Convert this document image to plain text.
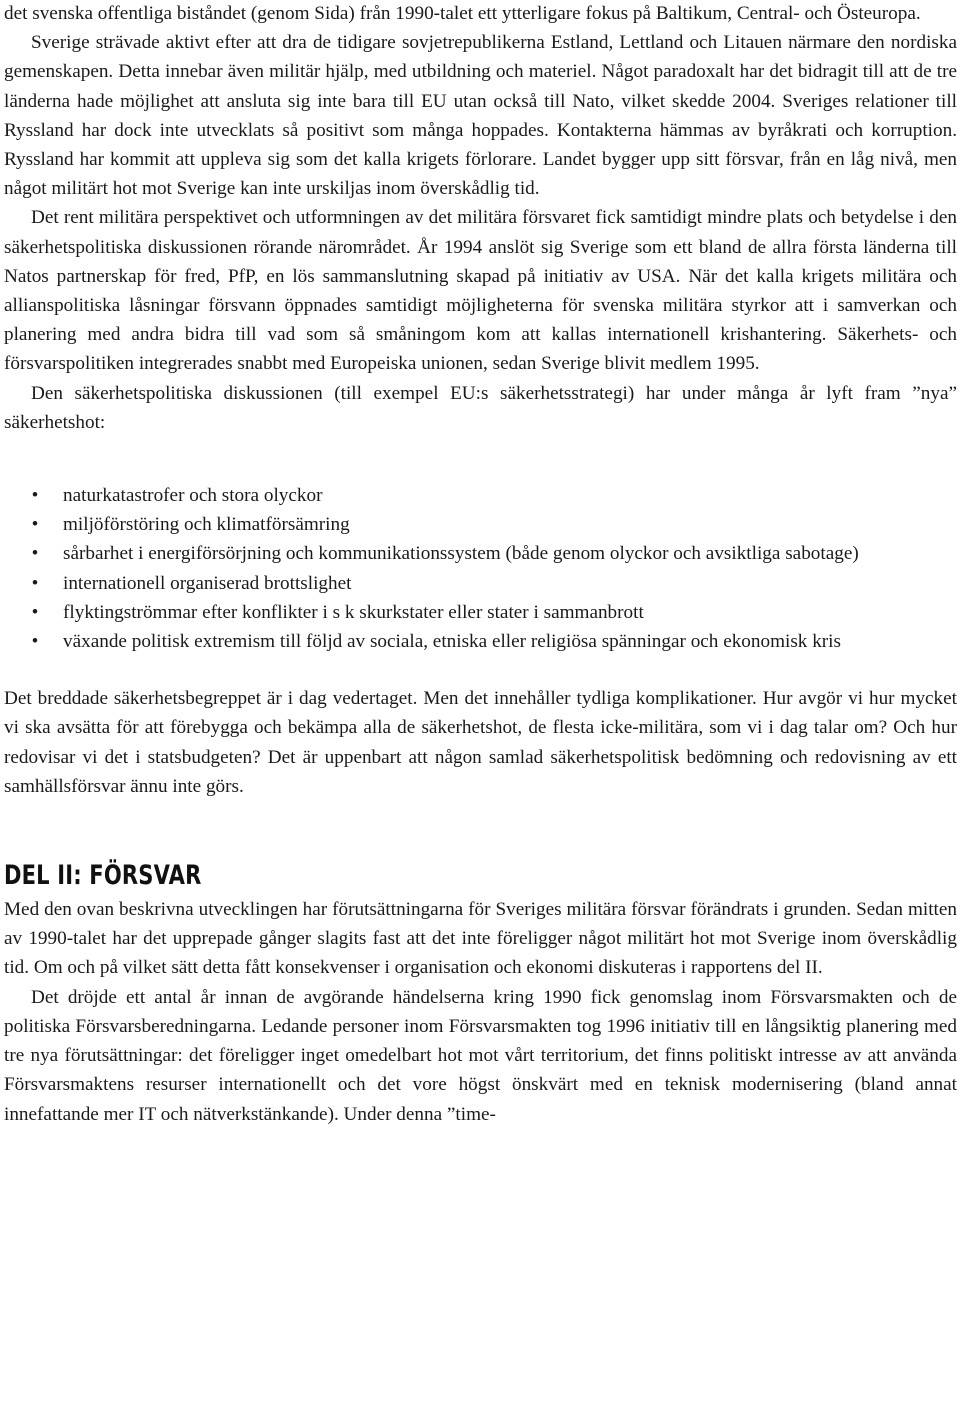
det svenska offentliga biståndet (genom Sida) från 1990-talet ett ytterligare fokus på Baltikum, Central- och Östeuropa.

Sverige strävade aktivt efter att dra de tidigare sovjetrepublikerna Estland, Lettland och Litauen närmare den nordiska gemenskapen. Detta innebar även militär hjälp, med utbildning och materiel. Något paradoxalt har det bidragit till att de tre länderna hade möjlighet att ansluta sig inte bara till EU utan också till Nato, vilket skedde 2004. Sveriges relationer till Ryssland har dock inte utvecklats så positivt som många hoppades. Kontakterna hämmas av byråkrati och korruption. Ryssland har kommit att uppleva sig som det kalla krigets förlorare. Landet bygger upp sitt försvar, från en låg nivå, men något militärt hot mot Sverige kan inte urskiljas inom överskådlig tid.

Det rent militära perspektivet och utformningen av det militära försvaret fick samtidigt mindre plats och betydelse i den säkerhetspolitiska diskussionen rörande närområdet. År 1994 anslöt sig Sverige som ett bland de allra första länderna till Natos partnerskap för fred, PfP, en lös sammanslutning skapad på initiativ av USA. När det kalla krigets militära och allianspolitiska låsningar försvann öppnades samtidigt möjligheterna för svenska militära styrkor att i samverkan och planering med andra bidra till vad som så småningom kom att kallas internationell krishantering. Säkerhets- och försvarspolitiken integrerades snabbt med Europeiska unionen, sedan Sverige blivit medlem 1995.

Den säkerhetspolitiska diskussionen (till exempel EU:s säkerhetsstrategi) har under många år lyft fram ”nya” säkerhetshot:

• naturkatastrofer och stora olyckor
• miljöförstöring och klimatförsämring
• sårbarhet i energiförsörjning och kommunikationssystem (både genom olyckor och avsiktliga sabotage)
• internationell organiserad brottslighet
• flyktingströmmar efter konflikter i s k skurkstater eller stater i sammanbrott
• växande politisk extremism till följd av sociala, etniska eller religiösa spänningar och ekonomisk kris

Det breddade säkerhetsbegreppet är i dag vedertaget. Men det innehåller tydliga komplikationer. Hur avgör vi hur mycket vi ska avsätta för att förebygga och bekämpa alla de säkerhetshot, de flesta icke-militära, som vi i dag talar om? Och hur redovisar vi det i statsbudgeten? Det är uppenbart att någon samlad säkerhetspolitisk bedömning och redovisning av ett samhällsförsvar ännu inte görs.

DEL II: FÖRSVAR

Med den ovan beskrivna utvecklingen har förutsättningarna för Sveriges militära försvar förändrats i grunden. Sedan mitten av 1990-talet har det upprepade gånger slagits fast att det inte föreligger något militärt hot mot Sverige inom överskådlig tid. Om och på vilket sätt detta fått konsekvenser i organisation och ekonomi diskuteras i rapportens del II.

Det dröjde ett antal år innan de avgörande händelserna kring 1990 fick genomslag inom Försvarsmakten och de politiska Försvarsberedningarna. Ledande personer inom Försvarsmakten tog 1996 initiativ till en långsiktig planering med tre nya förutsättningar: det föreligger inget omedelbart hot mot vårt territorium, det finns politiskt intresse av att använda Försvarsmaktens resurser internationellt och det vore högst önskvärt med en teknisk modernisering (bland annat innefattande mer IT och nätverkstänkande). Under denna ”time-
